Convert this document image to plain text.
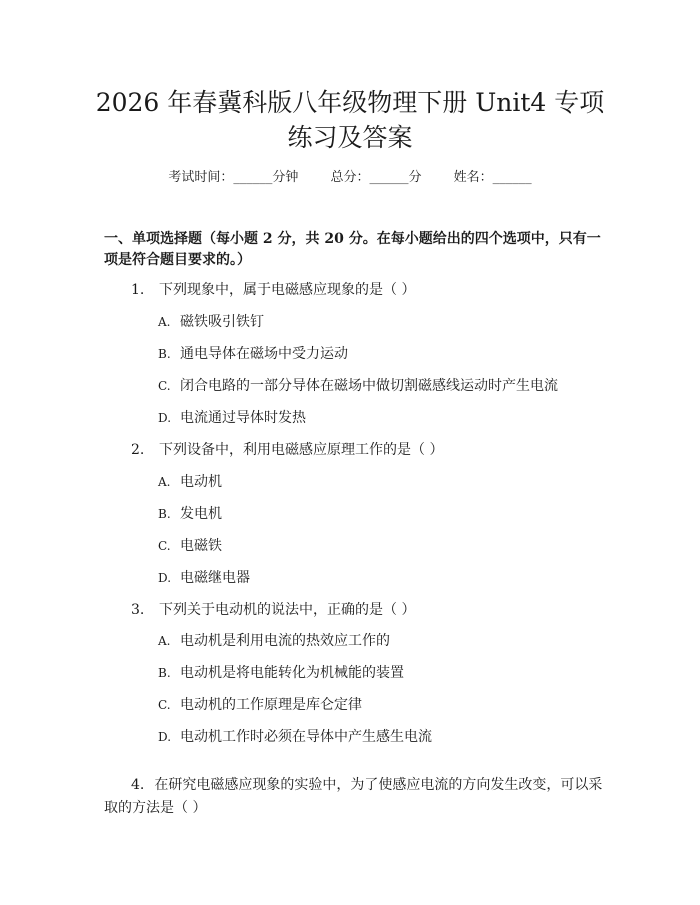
2026 年春冀科版八年级物理下册 Unit4 专项
练习及答案
考试时间：______分钟 总分：______分 姓名：______

一、单项选择题（每小题 2 分，共 20 分。在每小题给出的四个选项中，只有一项是符合题目要求的。）

1. 下列现象中，属于电磁感应现象的是（ ）
A. 磁铁吸引铁钉
B. 通电导体在磁场中受力运动
C. 闭合电路的一部分导体在磁场中做切割磁感线运动时产生电流
D. 电流通过导体时发热
2. 下列设备中，利用电磁感应原理工作的是（ ）
A. 电动机
B. 发电机
C. 电磁铁
D. 电磁继电器
3. 下列关于电动机的说法中，正确的是（ ）
A. 电动机是利用电流的热效应工作的
B. 电动机是将电能转化为机械能的装置
C. 电动机的工作原理是库仑定律
D. 电动机工作时必须在导体中产生感生电流

4. 在研究电磁感应现象的实验中，为了使感应电流的方向发生改变，可以采取的方法是（ ）
